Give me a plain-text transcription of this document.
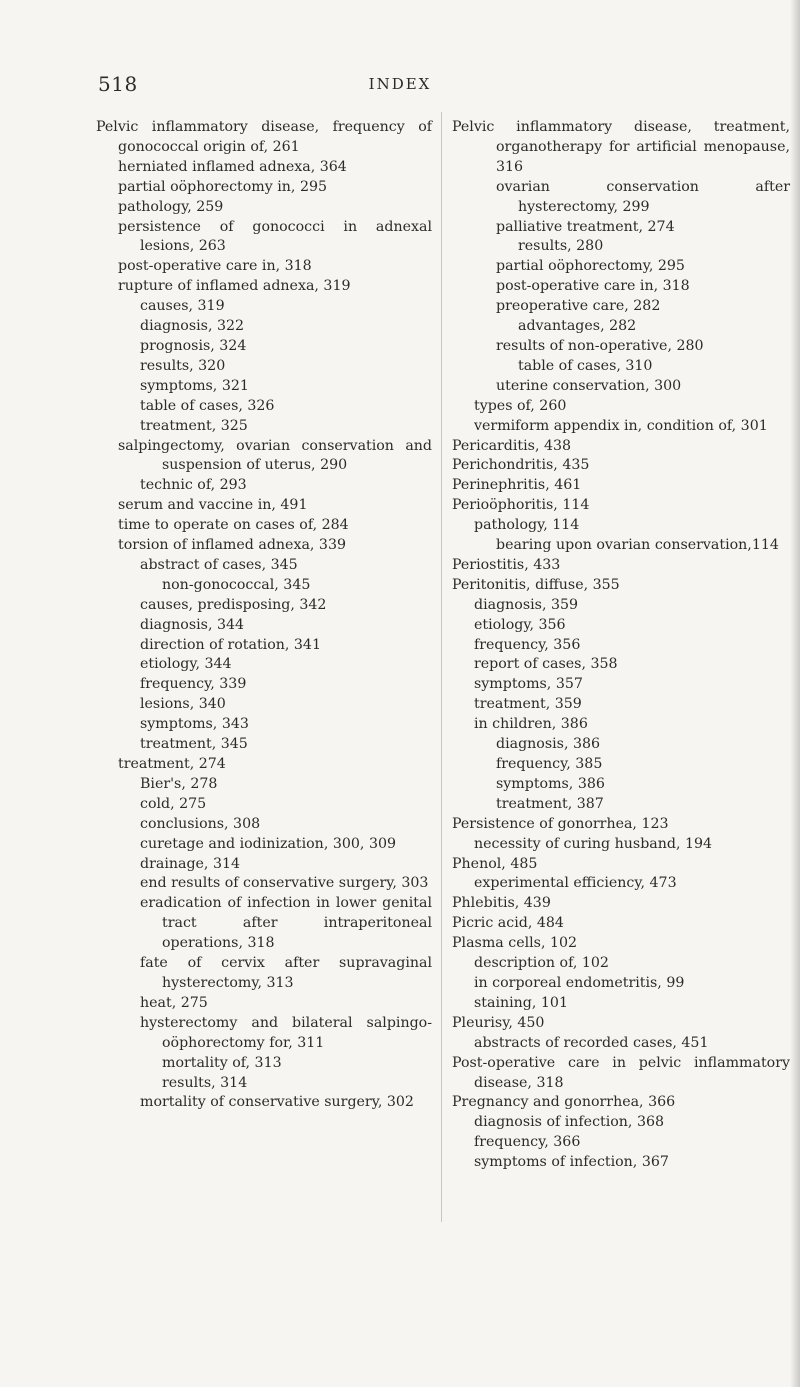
518	INDEX

Pelvic inflammatory disease, frequency of gonococcal origin of, 261

herniated inflamed adnexa, 364

partial oöphorectomy in, 295

pathology, 259

persistence of gonococci in adnexal lesions, 263

post-operative care in, 318

rupture of inflamed adnexa, 319

causes, 319

diagnosis, 322

prognosis, 324

results, 320

symptoms, 321

table of cases, 326

treatment, 325

salpingectomy, ovarian conservation and suspension of uterus, 290

technic of, 293

serum and vaccine in, 491

time to operate on cases of, 284

torsion of inflamed adnexa, 339

abstract of cases, 345

non-gonococcal, 345

causes, predisposing, 342

diagnosis, 344

direction of rotation, 341

etiology, 344

frequency, 339

lesions, 340

symptoms, 343

treatment, 345

treatment, 274

Bier's, 278

cold, 275

conclusions, 308

curetage and iodinization, 300, 309

drainage, 314

end results of conservative surgery, 303

eradication of infection in lower genital tract after intraperitoneal operations, 318

fate of cervix after supravaginal hysterectomy, 313

heat, 275

hysterectomy and bilateral salpingo-oöphorectomy for, 311

mortality of, 313

results, 314

mortality of conservative surgery, 302

Pelvic inflammatory disease, treatment, organotherapy for artificial menopause, 316

ovarian conservation after hysterectomy, 299

palliative treatment, 274

results, 280

partial oöphorectomy, 295

post-operative care in, 318

preoperative care, 282

advantages, 282

results of non-operative, 280

table of cases, 310

uterine conservation, 300

types of, 260

vermiform appendix in, condition of, 301

Pericarditis, 438

Perichondritis, 435

Perinephritis, 461

Perioöphoritis, 114

pathology, 114

bearing upon ovarian conservation,114

Periostitis, 433

Peritonitis, diffuse, 355

diagnosis, 359

etiology, 356

frequency, 356

report of cases, 358

symptoms, 357

treatment, 359

in children, 386

diagnosis, 386

frequency, 385

symptoms, 386

treatment, 387

Persistence of gonorrhea, 123

necessity of curing husband, 194

Phenol, 485

experimental efficiency, 473

Phlebitis, 439

Picric acid, 484

Plasma cells, 102

description of, 102

in corporeal endometritis, 99

staining, 101

Pleurisy, 450

abstracts of recorded cases, 451

Post-operative care in pelvic inflammatory disease, 318

Pregnancy and gonorrhea, 366

diagnosis of infection, 368

frequency, 366

symptoms of infection, 367
